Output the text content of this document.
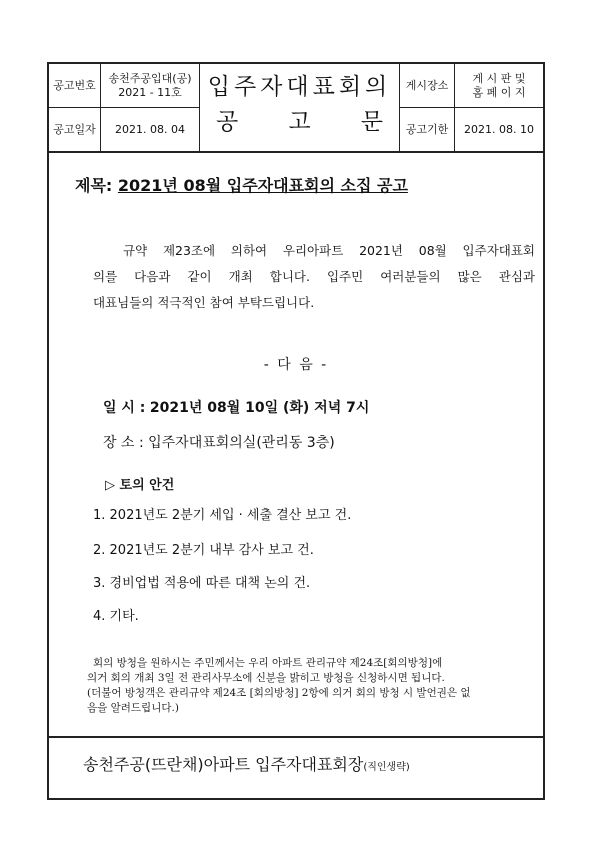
공고번호
송천주공입대(공)
2021 - 11호
공고일자	2021. 08. 04
입주자대표회의
공 고 문
게시장소
게 시 판 및
홈 페 이 지
공고기한	2021. 08. 10
제목: 2021년 08월 입주자대표회의 소집 공고
규약 제23조에 의하여 우리아파트 2021년 08월 입주자대표회
의를 다음과 같이 개최 합니다. 입주민 여러분들의 많은 관심과
대표님들의 적극적인 참여 부탁드립니다.
- 다 음 -
일 시 : 2021년 08월 10일 (화) 저녁 7시
장 소 : 입주자대표회의실(관리동 3층)
▷ 토의 안건
1. 2021년도 2분기 세입 · 세출 결산 보고 건.
2. 2021년도 2분기 내부 감사 보고 건.
3. 경비업법 적용에 따른 대책 논의 건.
4. 기타.
회의 방청을 원하시는 주민께서는 우리 아파트 관리규약 제24조[회의방청]에
의거 회의 개최 3일 전 관리사무소에 신분을 밝히고 방청을 신청하시면 됩니다.
(더불어 방청객은 관리규약 제24조 [회의방청] 2항에 의거 회의 방청 시 발언권은 없
음을 알려드립니다.)
송천주공(뜨란채)아파트 입주자대표회장(직인생략)
